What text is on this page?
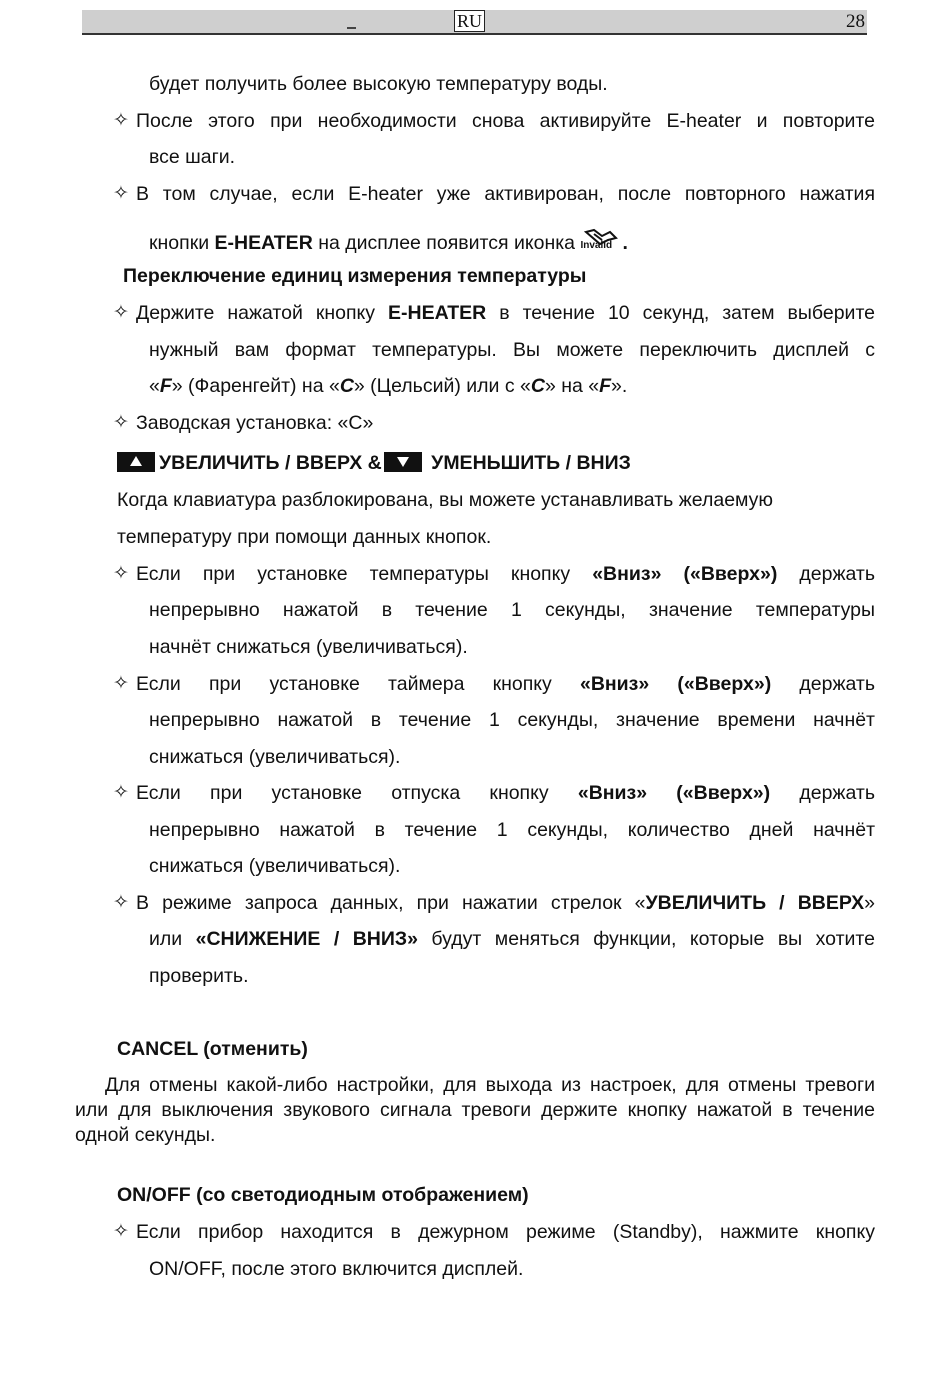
RU	28
будет получить более высокую температуру воды.
✧ После этого при необходимости снова активируйте E-heater и повторите
все шаги.
✧ В том случае, если E-heater уже активирован, после повторного нажатия
кнопки E-HEATER на дисплее появится иконка Invalid .
Переключение единиц измерения температуры
✧ Держите нажатой кнопку E-HEATER в течение 10 секунд, затем выберите
нужный вам формат температуры. Вы можете переключить дисплей с
«F» (Фаренгейт) на «C» (Цельсий) или с «C» на «F».
✧ Заводская установка: «С»
УВЕЛИЧИТЬ / ВВЕРХ & УМЕНЬШИТЬ / ВНИЗ
Когда клавиатура разблокирована, вы можете устанавливать желаемую
температуру при помощи данных кнопок.
✧ Если при установке температуры кнопку «Вниз» («Вверх») держать
непрерывно нажатой в течение 1 секунды, значение температуры
начнёт снижаться (увеличиваться).
✧ Если при установке таймера кнопку «Вниз» («Вверх») держать
непрерывно нажатой в течение 1 секунды, значение времени начнёт
снижаться (увеличиваться).
✧ Если при установке отпуска кнопку «Вниз» («Вверх») держать
непрерывно нажатой в течение 1 секунды, количество дней начнёт
снижаться (увеличиваться).
✧ В режиме запроса данных, при нажатии стрелок «УВЕЛИЧИТЬ / ВВЕРХ»
или «СНИЖЕНИЕ / ВНИЗ» будут меняться функции, которые вы хотите
проверить.
CANCEL (отменить)
Для отмены какой-либо настройки, для выхода из настроек, для отмены тревоги или для выключения звукового сигнала тревоги держите кнопку нажатой в течение одной секунды.
ON/OFF (со светодиодным отображением)
✧ Если прибор находится в дежурном режиме (Standby), нажмите кнопку
ON/OFF, после этого включится дисплей.
